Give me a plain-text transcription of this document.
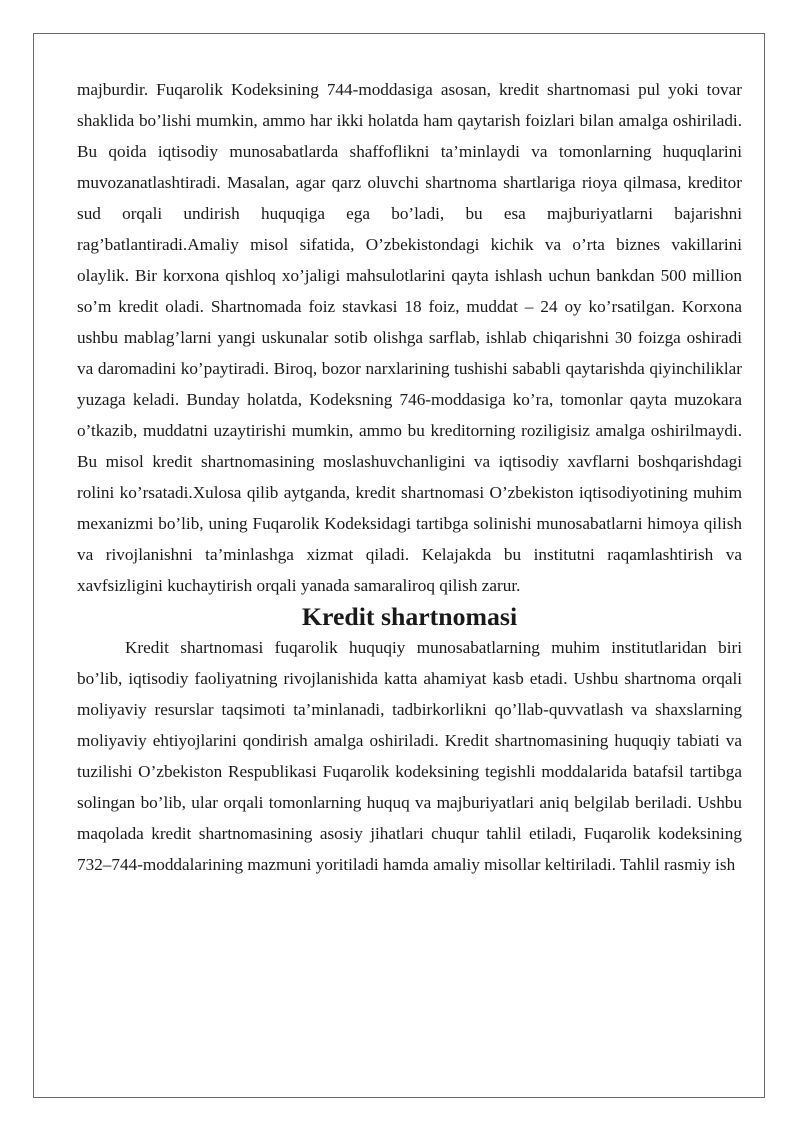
majburdir. Fuqarolik Kodeksining 744-moddasiga asosan, kredit shartnomasi pul yoki tovar shaklida bo’lishi mumkin, ammo har ikki holatda ham qaytarish foizlari bilan amalga oshiriladi. Bu qoida iqtisodiy munosabatlarda shaffoflikni ta’minlaydi va tomonlarning huquqlarini muvozanatlashtiradi. Masalan, agar qarz oluvchi shartnoma shartlariga rioya qilmasa, kreditor sud orqali undirish huquqiga ega bo’ladi, bu esa majburiyatlarni bajarishni rag’batlantiradi.Amaliy misol sifatida, O’zbekistondagi kichik va o’rta biznes vakillarini olaylik. Bir korxona qishloq xo’jaligi mahsulotlarini qayta ishlash uchun bankdan 500 million so’m kredit oladi. Shartnomada foiz stavkasi 18 foiz, muddat – 24 oy ko’rsatilgan. Korxona ushbu mablag’larni yangi uskunalar sotib olishga sarflab, ishlab chiqarishni 30 foizga oshiradi va daromadini ko’paytiradi. Biroq, bozor narxlarining tushishi sababli qaytarishda qiyinchiliklar yuzaga keladi. Bunday holatda, Kodeksning 746-moddasiga ko’ra, tomonlar qayta muzokara o’tkazib, muddatni uzaytirishi mumkin, ammo bu kreditorning roziligisiz amalga oshirilmaydi. Bu misol kredit shartnomasining moslashuvchanligini va iqtisodiy xavflarni boshqarishdagi rolini ko’rsatadi.Xulosa qilib aytganda, kredit shartnomasi O’zbekiston iqtisodiyotining muhim mexanizmi bo’lib, uning Fuqarolik Kodeksidagi tartibga solinishi munosabatlarni himoya qilish va rivojlanishni ta’minlashga xizmat qiladi. Kelajakda bu institutni raqamlashtirish va xavfsizligini kuchaytirish orqali yanada samaraliroq qilish zarur.

Kredit shartnomasi

Kredit shartnomasi fuqarolik huquqiy munosabatlarning muhim institutlaridan biri bo’lib, iqtisodiy faoliyatning rivojlanishida katta ahamiyat kasb etadi. Ushbu shartnoma orqali moliyaviy resurslar taqsimoti ta’minlanadi, tadbirkorlikni qo’llab-quvvatlash va shaxslarning moliyaviy ehtiyojlarini qondirish amalga oshiriladi. Kredit shartnomasining huquqiy tabiati va tuzilishi O’zbekiston Respublikasi Fuqarolik kodeksining tegishli moddalarida batafsil tartibga solingan bo’lib, ular orqali tomonlarning huquq va majburiyatlari aniq belgilab beriladi. Ushbu maqolada kredit shartnomasining asosiy jihatlari chuqur tahlil etiladi, Fuqarolik kodeksining 732–744-moddalarining mazmuni yoritiladi hamda amaliy misollar keltiriladi. Tahlil rasmiy ish
